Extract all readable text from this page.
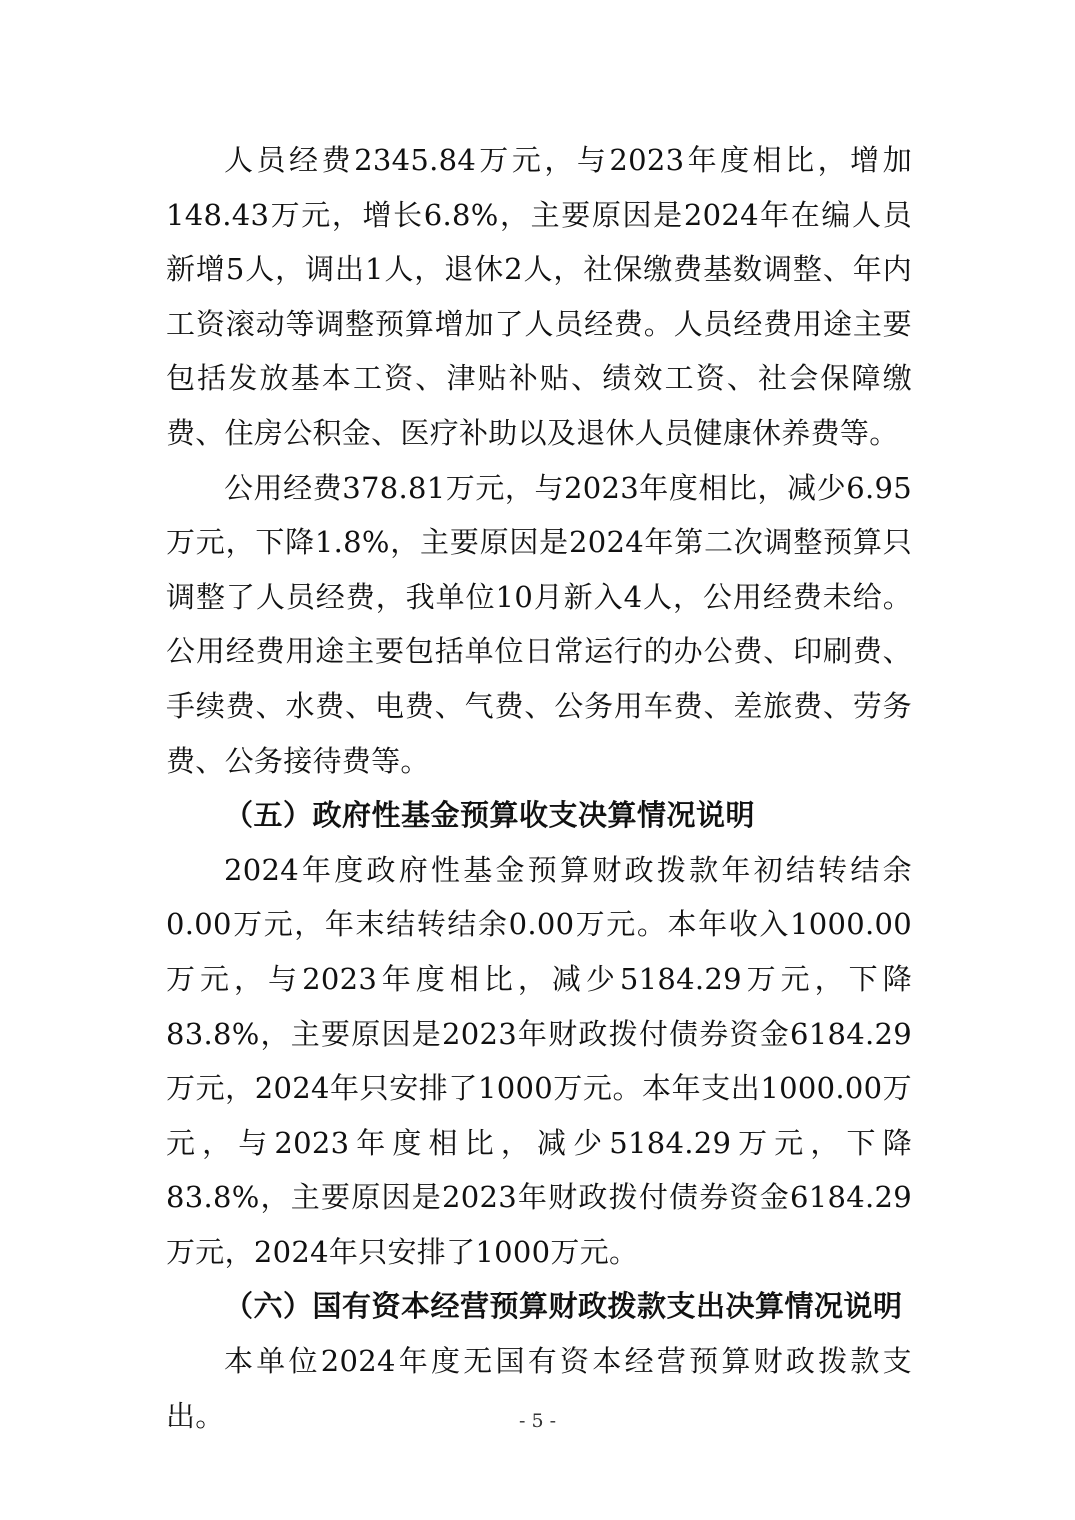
人员经费2345.84万元，与2023年度相比，增加148.43万元，增长6.8%，主要原因是2024年在编人员新增5人，调出1人，退休2人，社保缴费基数调整、年内工资滚动等调整预算增加了人员经费。人员经费用途主要包括发放基本工资、津贴补贴、绩效工资、社会保障缴费、住房公积金、医疗补助以及退休人员健康休养费等。

公用经费378.81万元，与2023年度相比，减少6.95万元，下降1.8%，主要原因是2024年第二次调整预算只调整了人员经费，我单位10月新入4人，公用经费未给。公用经费用途主要包括单位日常运行的办公费、印刷费、手续费、水费、电费、气费、公务用车费、差旅费、劳务费、公务接待费等。

（五）政府性基金预算收支决算情况说明

2024年度政府性基金预算财政拨款年初结转结余0.00万元，年末结转结余0.00万元。本年收入1000.00万元，与2023年度相比，减少5184.29万元，下降83.8%，主要原因是2023年财政拨付债券资金6184.29万元，2024年只安排了1000万元。本年支出1000.00万元，与2023年度相比，减少5184.29万元，下降83.8%，主要原因是2023年财政拨付债券资金6184.29万元，2024年只安排了1000万元。

（六）国有资本经营预算财政拨款支出决算情况说明

本单位2024年度无国有资本经营预算财政拨款支出。	- 5 -
